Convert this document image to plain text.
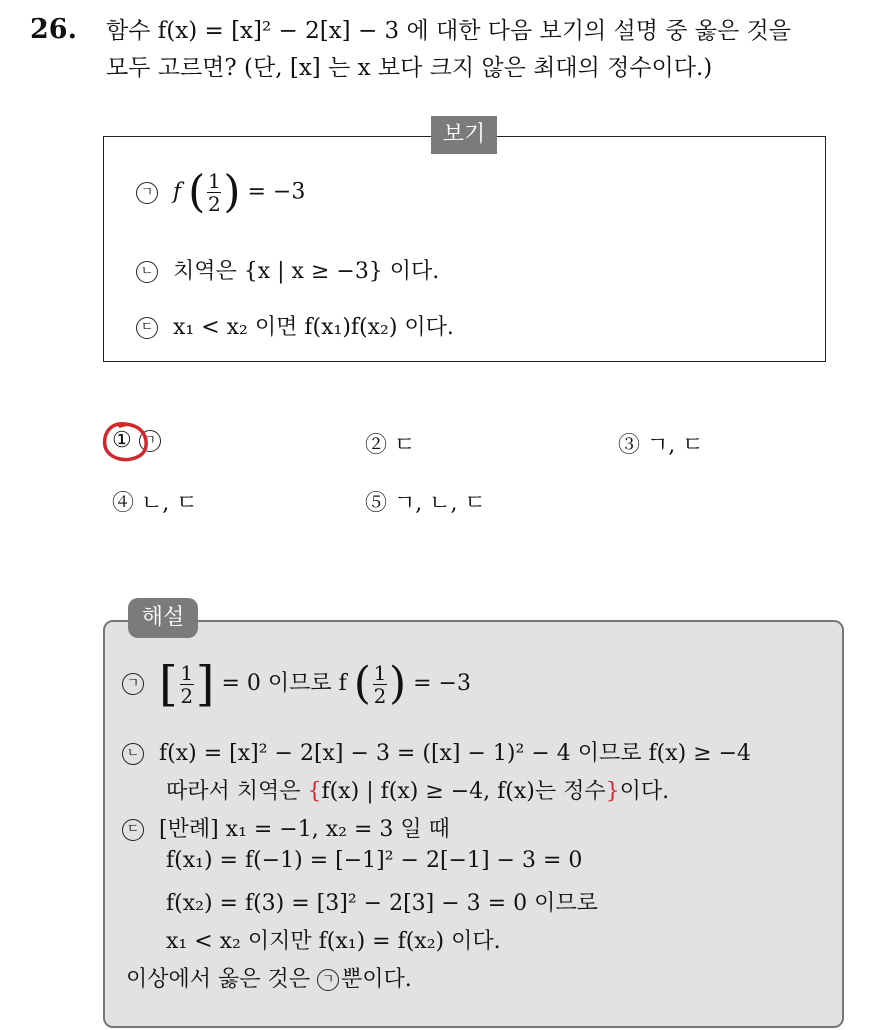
26. 함수 f(x) = [x]² − 2[x] − 3 에 대한 다음 보기의 설명 중 옳은 것을
모두 고르면? (단, [x] 는 x 보다 크지 않은 최대의 정수이다.)
보기
ㄱ f ( $\frac{1}{2}$ ) = −3
ㄴ 치역은 {x | x ≥ −3} 이다.
ㄷ x₁ < x₂ 이면 f(x₁)f(x₂) 이다.
① ㄱ	② ㄷ	③ ㄱ, ㄷ
④ ㄴ, ㄷ	⑤ ㄱ, ㄴ, ㄷ
해설
ㄱ [ $\frac{1}{2}$ ] = 0 이므로 f ( $\frac{1}{2}$ ) = −3
ㄴ f(x) = [x]² − 2[x] − 3 = ([x] − 1)² − 4 이므로 f(x) ≥ −4
따라서 치역은 {f(x) | f(x) ≥ −4, f(x)는 정수}이다.
ㄷ [반례] x₁ = −1, x₂ = 3 일 때
f(x₁) = f(−1) = [−1]² − 2[−1] − 3 = 0
f(x₂) = f(3) = [3]² − 2[3] − 3 = 0 이므로
x₁ < x₂ 이지만 f(x₁) = f(x₂) 이다.
이상에서 옳은 것은 ㄱ 뿐이다.
